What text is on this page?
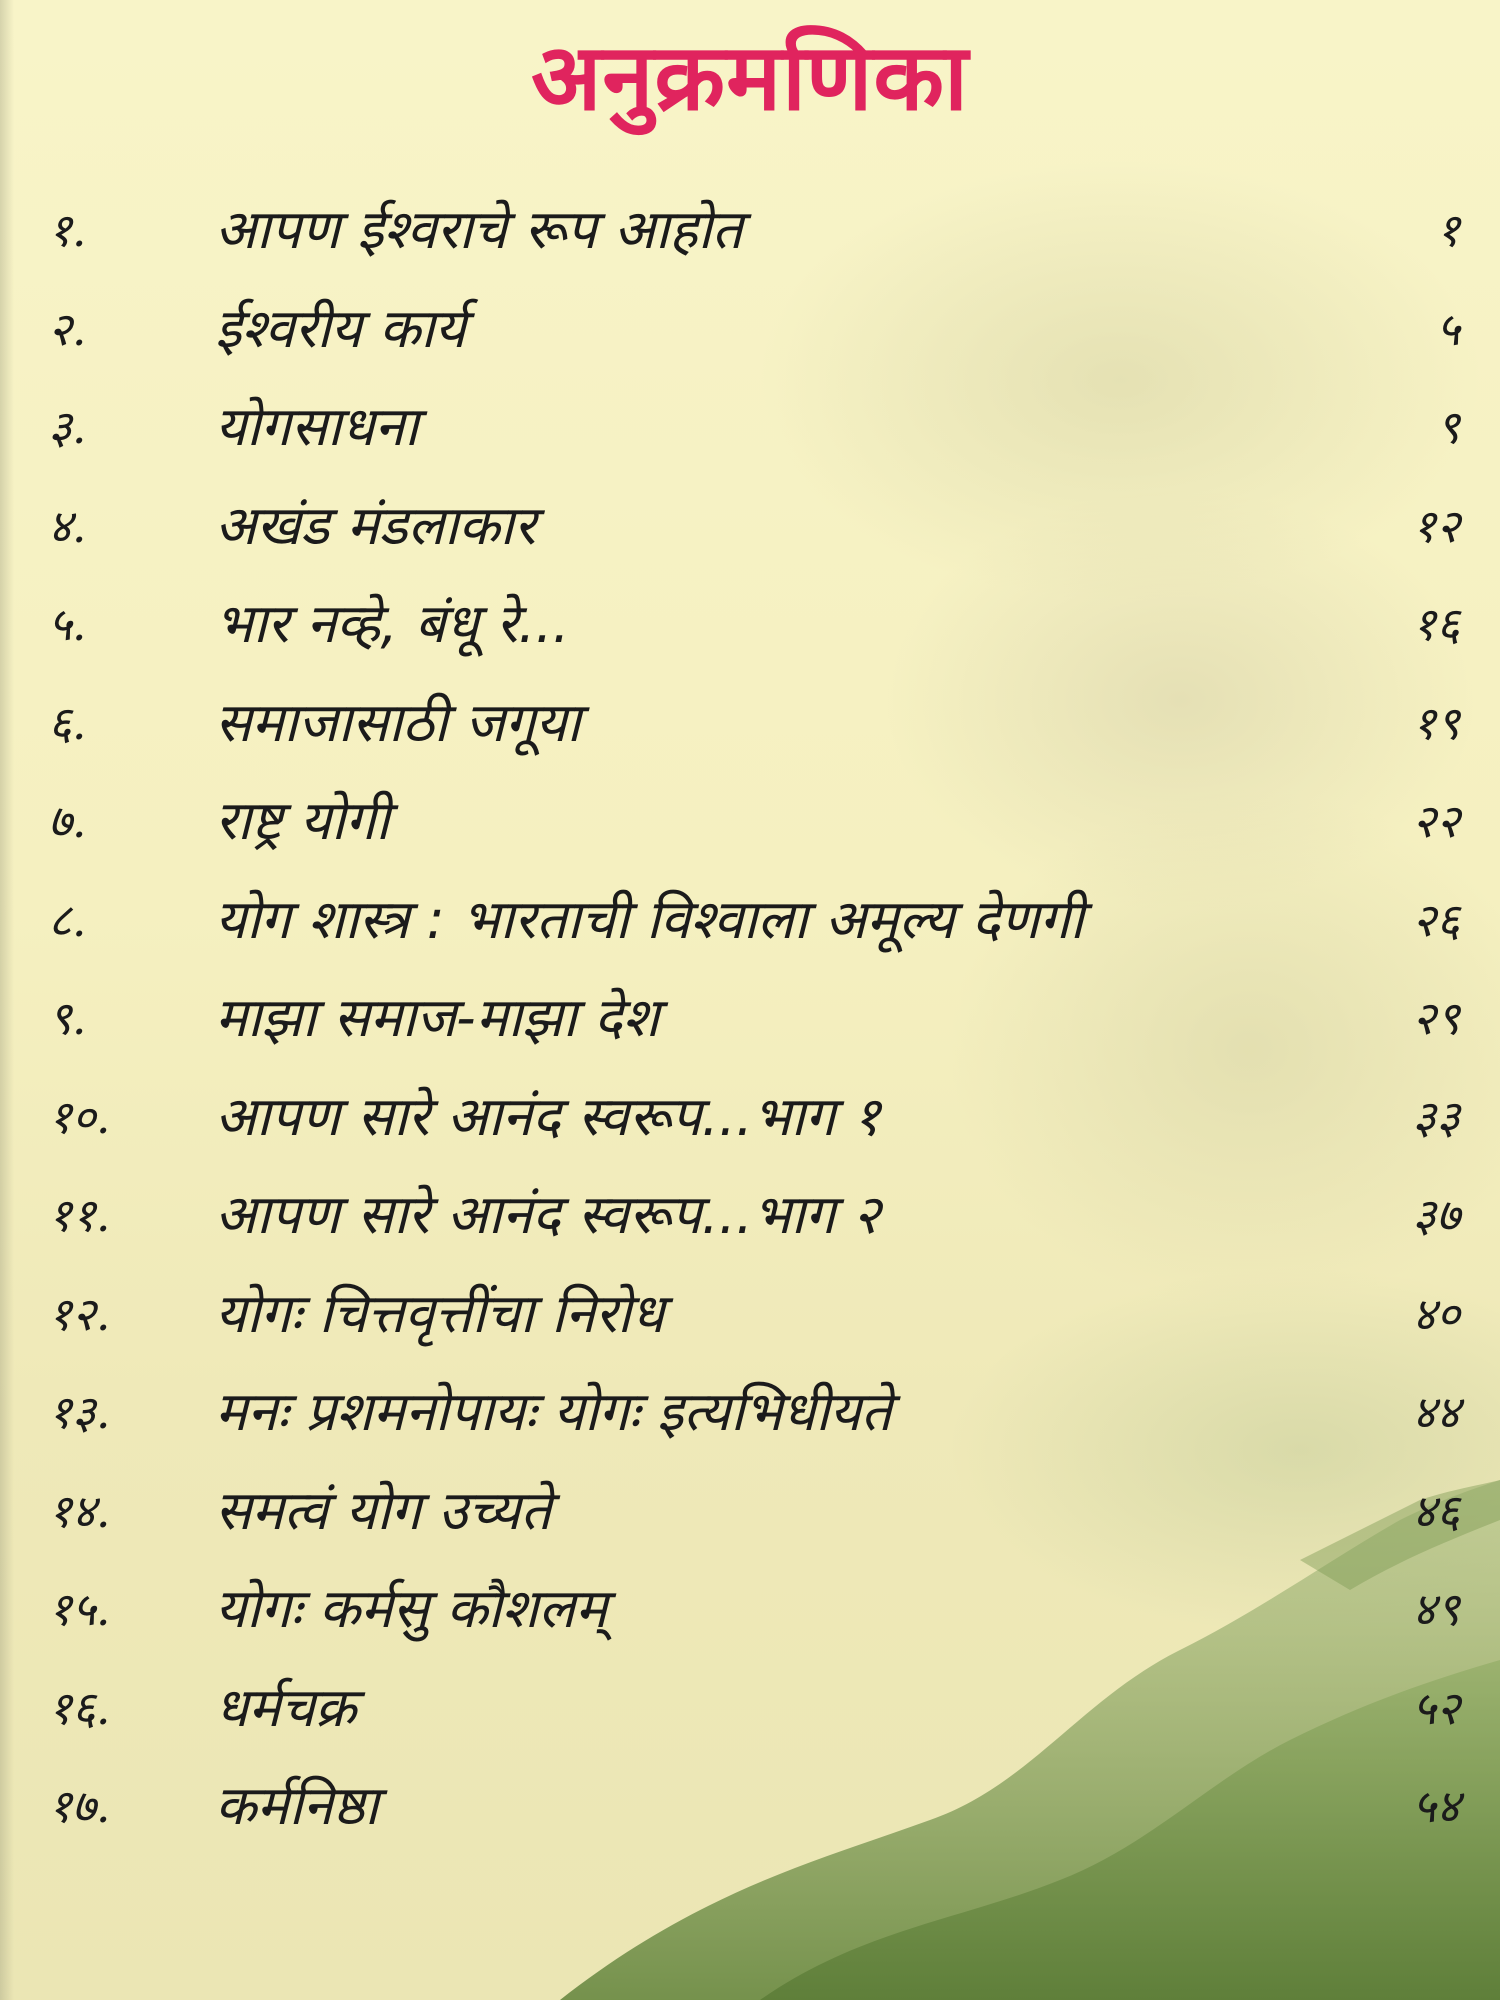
अनुक्रमणिका
१.	आपण ईश्वराचे रूप आहोत	१
२.	ईश्वरीय कार्य	५
३.	योगसाधना	९
४.	अखंड मंडलाकार	१२
५.	भार नव्हे, बंधू रे...	१६
६.	समाजासाठी जगूया	१९
७.	राष्ट्र योगी	२२
८.	योग शास्त्र : भारताची विश्वाला अमूल्य देणगी	२६
९.	माझा समाज-माझा देश	२९
१०.	आपण सारे आनंद स्वरूप...भाग १	३३
११.	आपण सारे आनंद स्वरूप...भाग २	३७
१२.	योगः चित्तवृत्तींचा निरोध	४०
१३.	मनः प्रशमनोपायः योगः इत्यभिधीयते	४४
१४.	समत्वं योग उच्यते	४६
१५.	योगः कर्मसु कौशलम्	४९
१६.	धर्मचक्र	५२
१७.	कर्मनिष्ठा	५४
